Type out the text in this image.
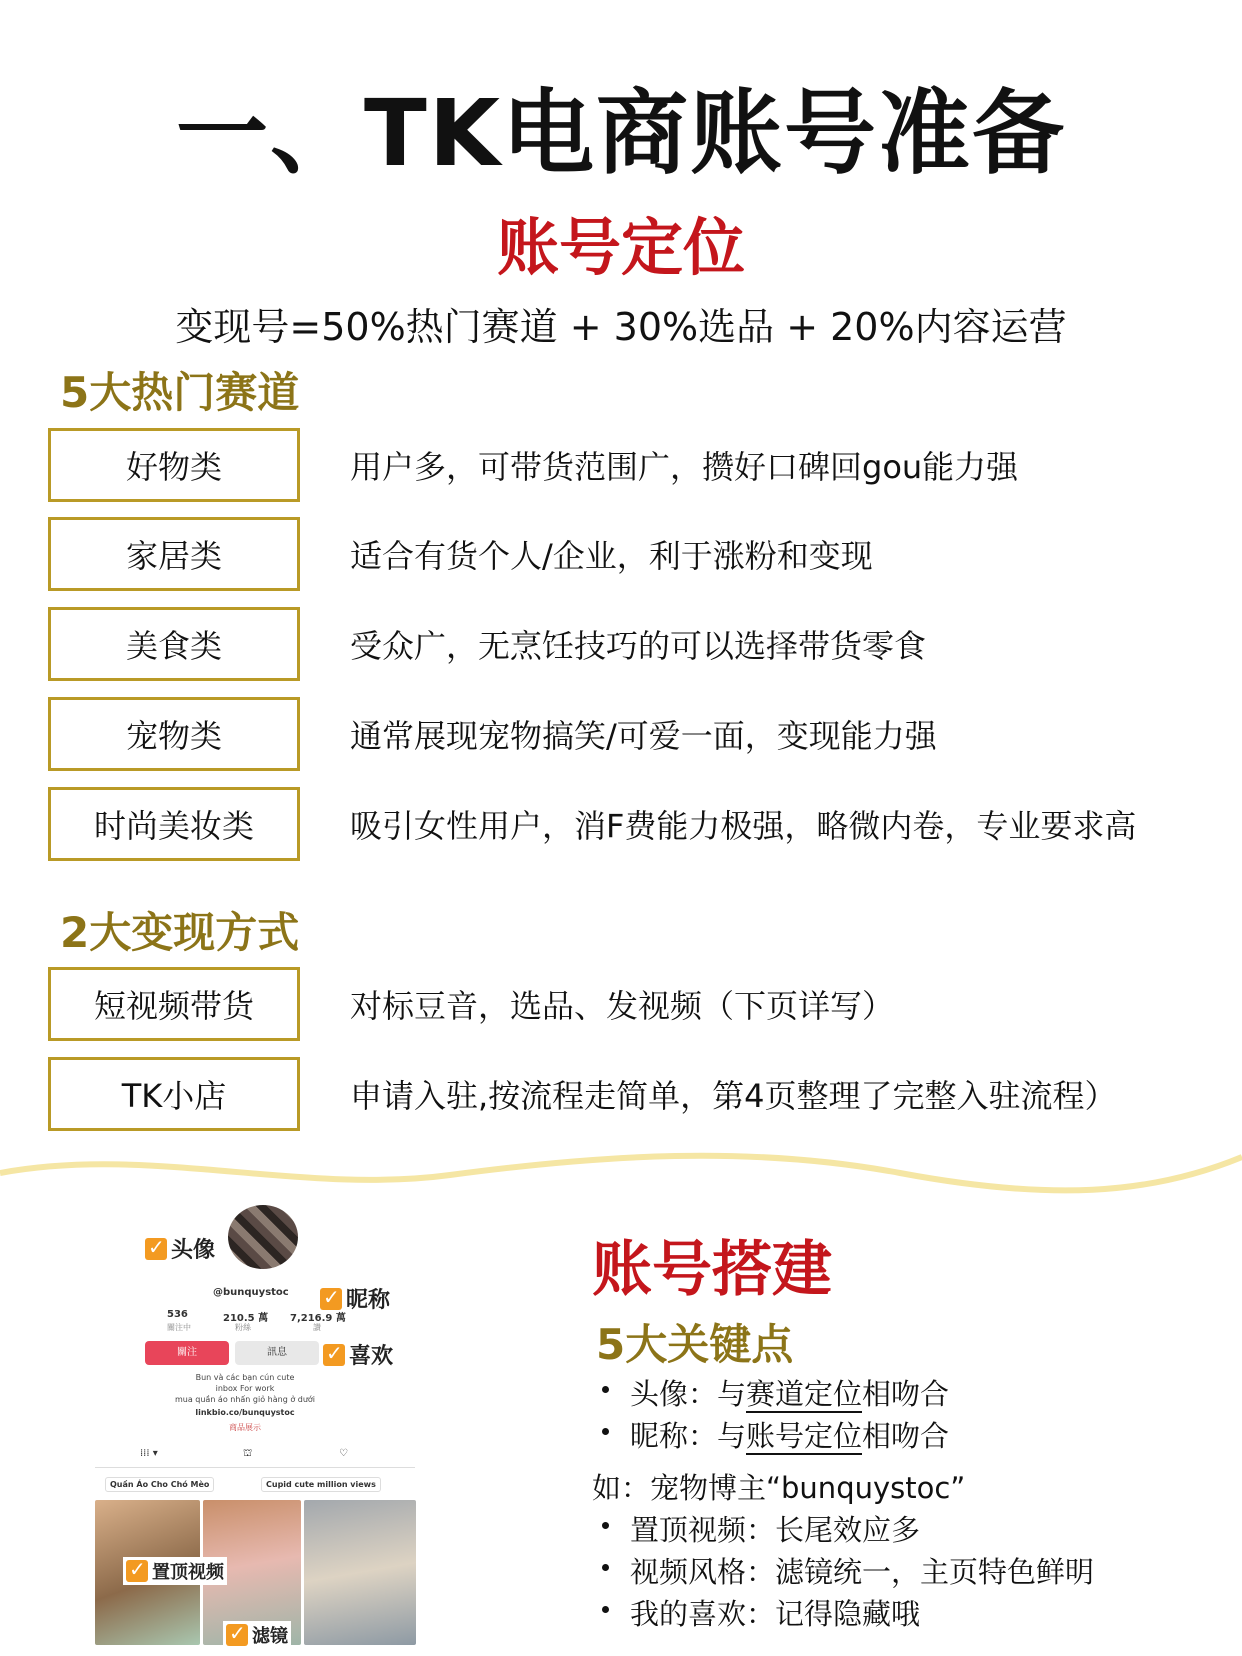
一、TK电商账号准备
账号定位
变现号=50%热门赛道 + 30%选品 + 20%内容运营
5大热门赛道
好物类	用户多，可带货范围广，攒好口碑回gou能力强
家居类	适合有货个人/企业，利于涨粉和变现
美食类	受众广，无烹饪技巧的可以选择带货零食
宠物类	通常展现宠物搞笑/可爱一面，变现能力强
时尚美妆类	吸引女性用户，消F费能力极强，略微内卷，专业要求高
2大变现方式
短视频带货	对标豆音，选品、发视频（下页详写）
TK小店	申请入驻,按流程走简单，第4页整理了完整入驻流程）
✓
头像
@bunquystoc ✓	昵称
536
關注中
210.5 萬
粉絲
7,216.9 萬
讚
關注	訊息 ✓	喜欢
Bun và các bạn cún cute
inbox For work
mua quần áo nhấn giỏ hàng ở dưới
linkbio.co/bunquystoc
商品展示
⁞⁞⁞ ▾	⛫	♡
Quần Áo Cho Chó Mèo	Cupid cute million views
✓
置顶视频
✓
滤镜
账号搭建
5大关键点
头像：与赛道定位相吻合
昵称：与账号定位相吻合
如：宠物博主“bunquystoc”
置顶视频：长尾效应多
视频风格：滤镜统一，主页特色鲜明
我的喜欢：记得隐藏哦
